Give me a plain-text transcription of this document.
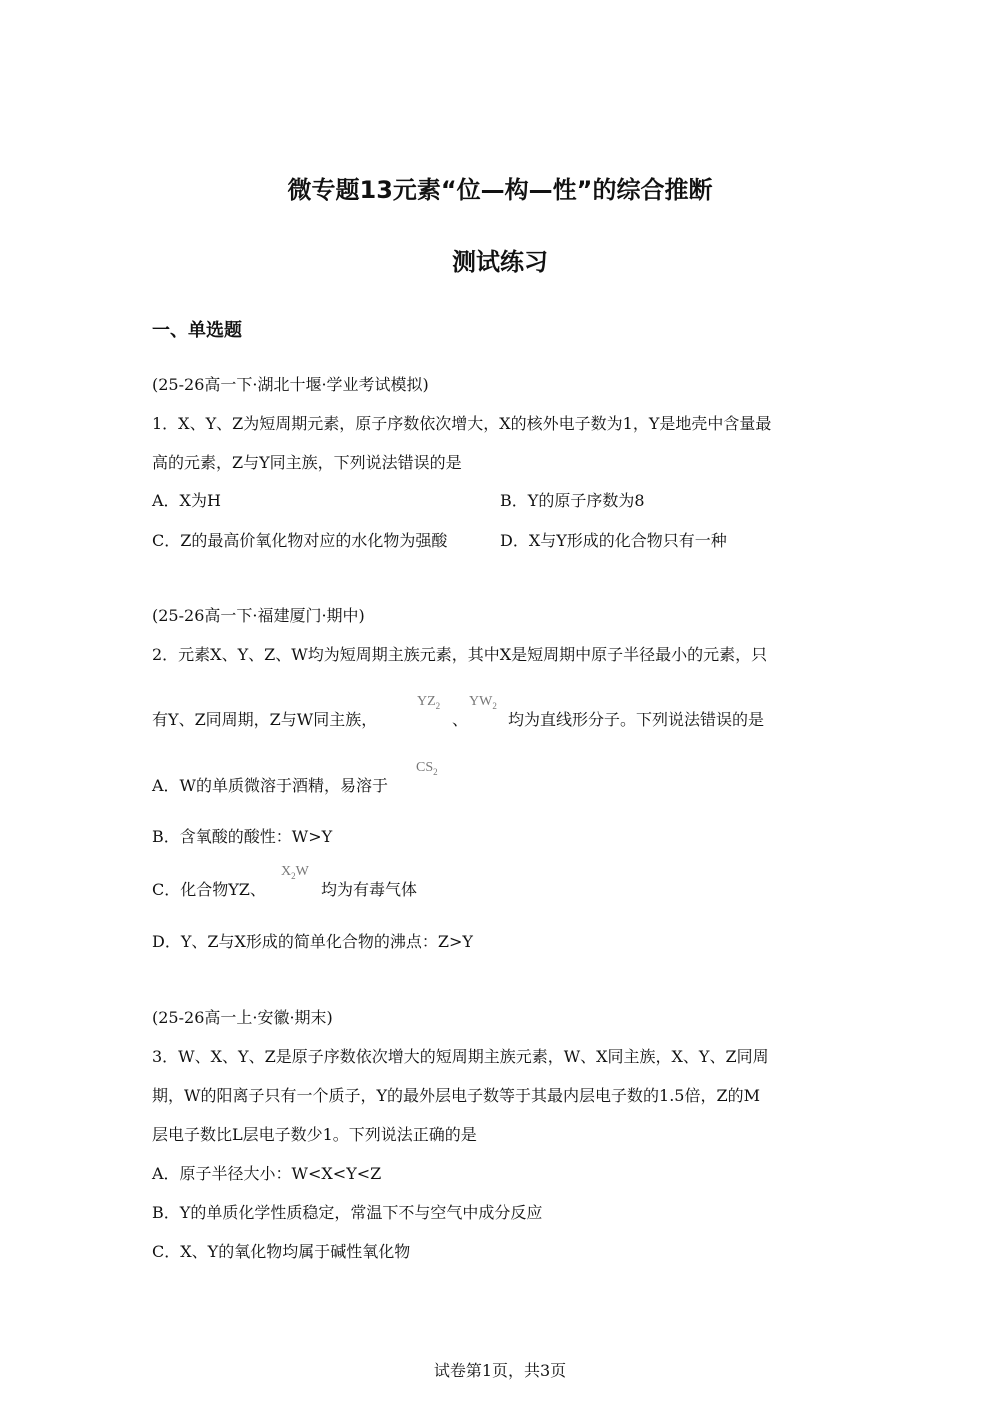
微专题13元素“位—构—性”的综合推断
测试练习
一、单选题
(25-26高一下·湖北十堰·学业考试模拟)
1．X、Y、Z为短周期元素，原子序数依次增大，X的核外电子数为1，Y是地壳中含量最
高的元素，Z与Y同主族，下列说法错误的是
A．X为H	B．Y的原子序数为8
C．Z的最高价氧化物对应的水化物为强酸	D．X与Y形成的化合物只有一种
(25-26高一下·福建厦门·期中)
2．元素X、Y、Z、W均为短周期主族元素，其中X是短周期中原子半径最小的元素，只
有Y、Z同周期，Z与W同主族，
$YZ_2$
、
$YW_2$
均为直线形分子。下列说法错误的是
A．W的单质微溶于酒精，易溶于
$CS_2$
B．含氧酸的酸性：W>Y
C．化合物YZ、
$X_2W$
均为有毒气体
D．Y、Z与X形成的简单化合物的沸点：Z>Y
(25-26高一上·安徽·期末)
3．W、X、Y、Z是原子序数依次增大的短周期主族元素，W、X同主族，X、Y、Z同周
期，W的阳离子只有一个质子，Y的最外层电子数等于其最内层电子数的1.5倍，Z的M
层电子数比L层电子数少1。下列说法正确的是
A．原子半径大小：W<X<Y<Z
B．Y的单质化学性质稳定，常温下不与空气中成分反应
C．X、Y的氧化物均属于碱性氧化物
试卷第1页，共3页
